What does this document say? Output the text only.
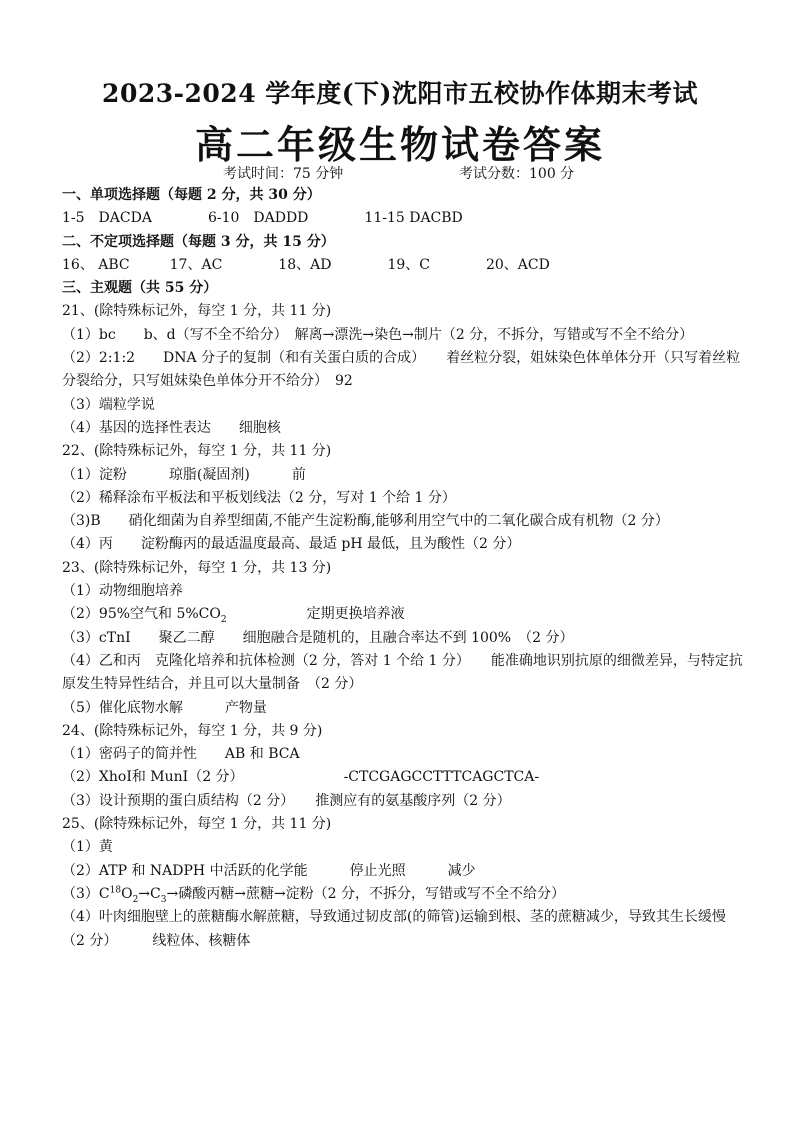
2023-2024 学年度(下)沈阳市五校协作体期末考试
高二年级生物试卷答案
考试时间：75 分钟	考试分数：100 分
一、单项选择题（每题 2 分，共 30 分）
1-5　DACDA	6-10　DADDD	11-15 DACBD
二、不定项选择题（每题 3 分，共 15 分）
16、 ABC	17、AC	18、AD	19、C	20、ACD
三、主观题（共 55 分）
21、(除特殊标记外，每空 1 分，共 11 分)
（1）bc　　b、d（写不全不给分）　解离→漂洗→染色→制片（2 分，不拆分，写错或写不全不给分）
（2）2:1:2　　DNA 分子的复制（和有关蛋白质的合成）　　着丝粒分裂，姐妹染色体单体分开（只写着丝粒分裂给分，只写姐妹染色单体分开不给分）　92
（3）端粒学说
（4）基因的选择性表达　　细胞核
22、(除特殊标记外，每空 1 分，共 11 分)
（1）淀粉　　　琼脂(凝固剂)　　　前
（2）稀释涂布平板法和平板划线法（2 分，写对 1 个给 1 分）
（3)B　　硝化细菌为自养型细菌,不能产生淀粉酶,能够利用空气中的二氧化碳合成有机物（2 分）
（4）丙　　淀粉酶丙的最适温度最高、最适 pH 最低，且为酸性（2 分）
23、(除特殊标记外，每空 1 分，共 13 分)
（1）动物细胞培养
（2）95%空气和 $5\%CO_2$	定期更换培养液
（3）cTnI　　聚乙二醇　　细胞融合是随机的，且融合率达不到 100%　（2 分）
（4）乙和丙　克隆化培养和抗体检测（2 分，答对 1 个给 1 分）　　能准确地识别抗原的细微差异，与特定抗原发生特异性结合，并且可以大量制备　（2 分）
（5）催化底物水解　　　产物量
24、(除特殊标记外，每空 1 分，共 9 分)
（1）密码子的简并性　　AB 和 BCA
（2）XhoⅠ和 MunⅠ（2 分）	-CTCGAGCCTTTCAGCTCA-
（3）设计预期的蛋白质结构（2 分）　　推测应有的氨基酸序列（2 分）
25、(除特殊标记外，每空 1 分，共 11 分)
（1）黄
（2）ATP 和 NADPH 中活跃的化学能　　　停止光照　　　减少
$(3)C^{18}O_2\to C_3\to$磷酸丙糖→蔗糖→淀粉（2 分，不拆分，写错或写不全不给分）
（4）叶肉细胞壁上的蔗糖酶水解蔗糖，导致通过韧皮部(的筛管)运输到根、茎的蔗糖减少，导致其生长缓慢　（2 分）　　　线粒体、核糖体
